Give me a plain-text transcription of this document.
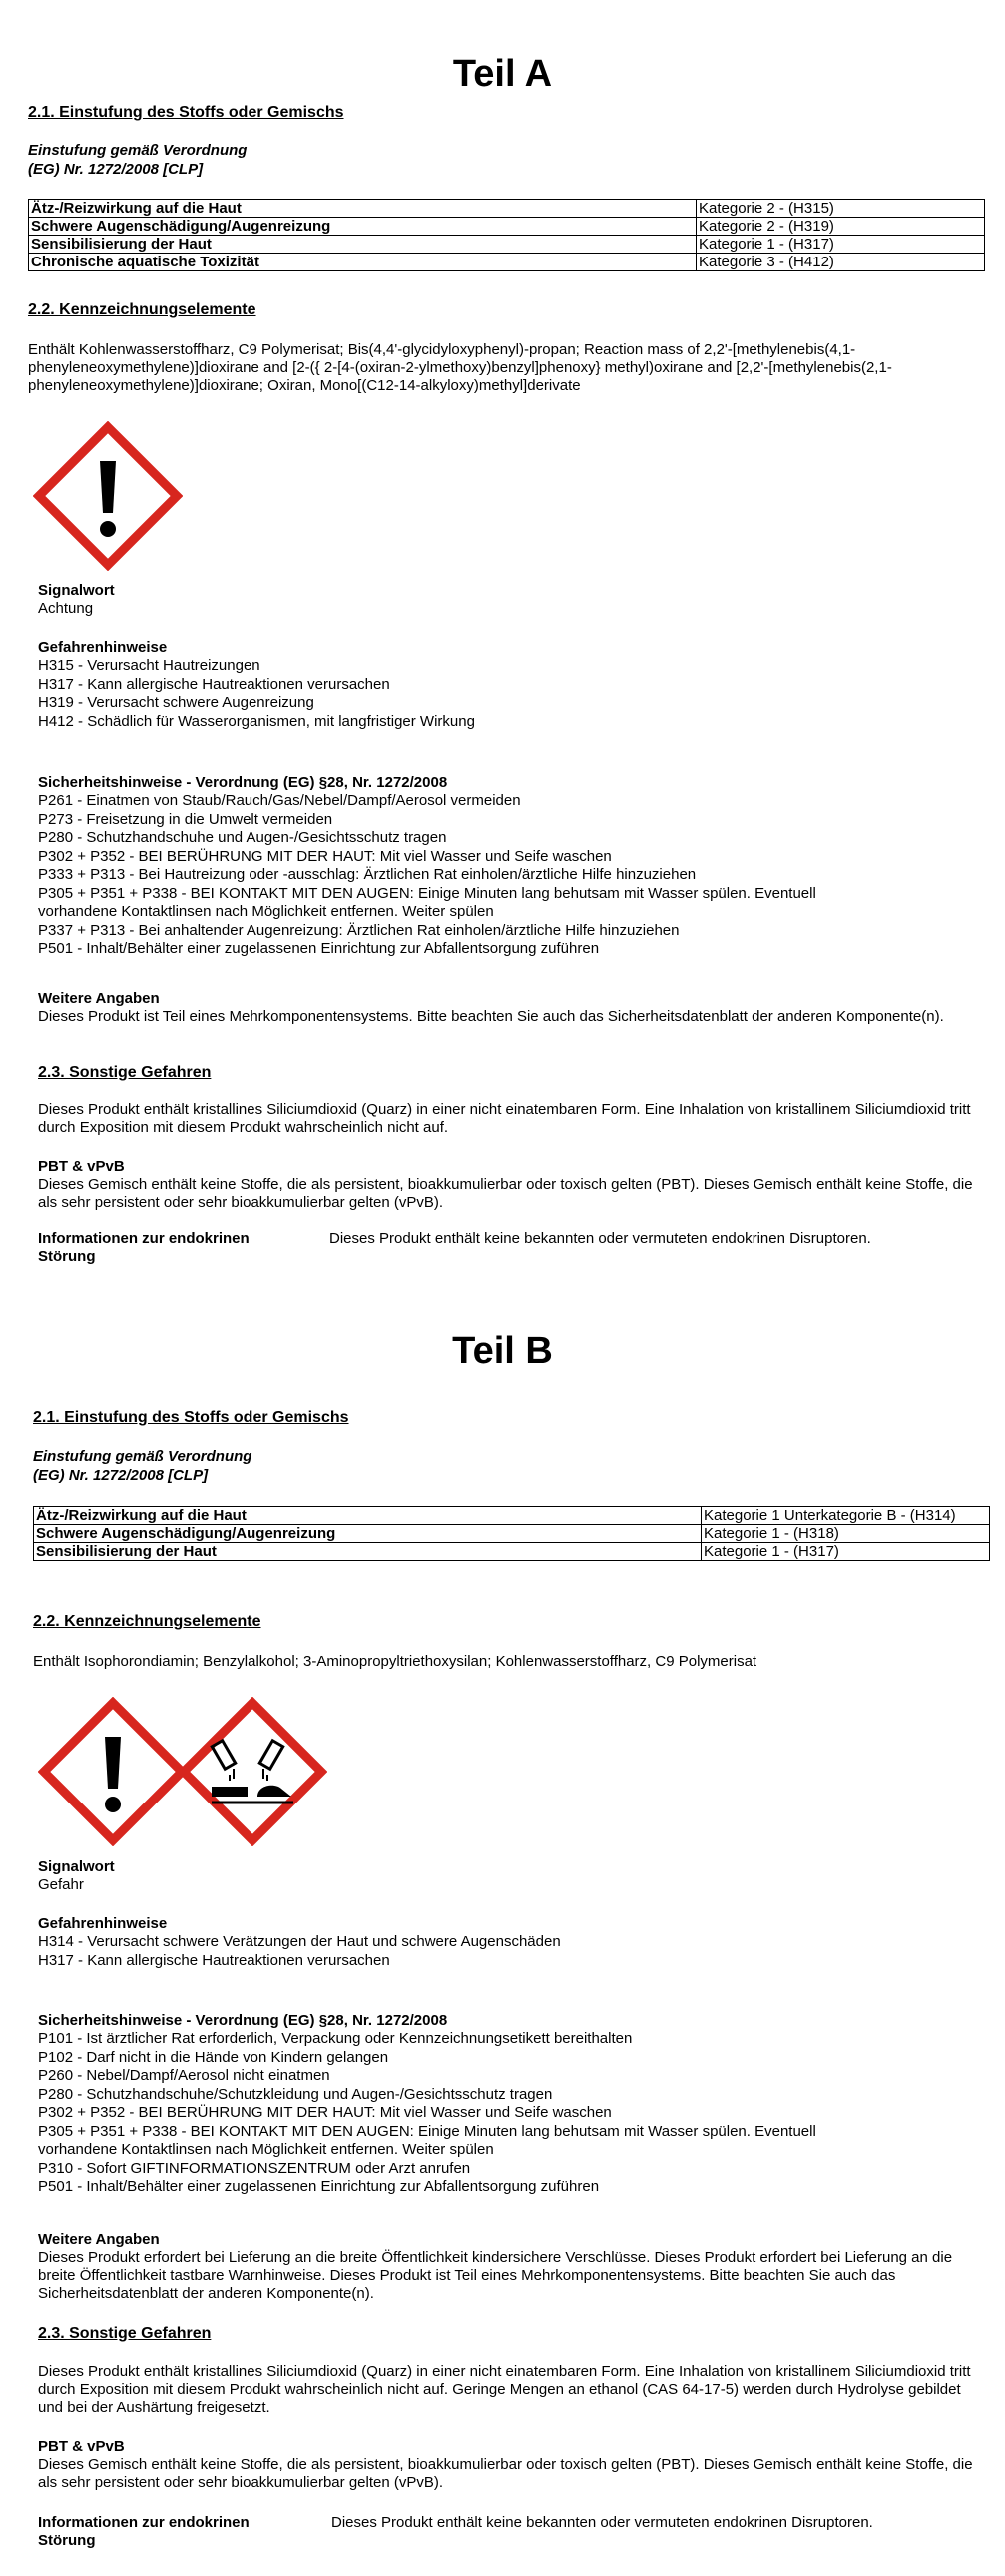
Teil A
2.1. Einstufung des Stoffs oder Gemischs
Einstufung gemäß Verordnung
(EG) Nr. 1272/2008 [CLP]
Ätz-/Reizwirkung auf die Haut	Kategorie 2 - (H315)
Schwere Augenschädigung/Augenreizung	Kategorie 2 - (H319)
Sensibilisierung der Haut	Kategorie 1 - (H317)
Chronische aquatische Toxizität	Kategorie 3 - (H412)
2.2. Kennzeichnungselemente
Enthält Kohlenwasserstoffharz, C9 Polymerisat; Bis(4,4'-glycidyloxyphenyl)-propan; Reaction mass of 2,2'-[methylenebis(4,1-phenyleneoxymethylene)]dioxirane and [2-({ 2-[4-(oxiran-2-ylmethoxy)benzyl]phenoxy} methyl)oxirane and [2,2'-[methylenebis(2,1-phenyleneoxymethylene)]dioxirane; Oxiran, Mono[(C12-14-alkyloxy)methyl]derivate
Signalwort
Achtung
Gefahrenhinweise
H315 - Verursacht Hautreizungen
H317 - Kann allergische Hautreaktionen verursachen
H319 - Verursacht schwere Augenreizung
H412 - Schädlich für Wasserorganismen, mit langfristiger Wirkung
Sicherheitshinweise - Verordnung (EG) §28, Nr. 1272/2008
P261 - Einatmen von Staub/Rauch/Gas/Nebel/Dampf/Aerosol vermeiden
P273 - Freisetzung in die Umwelt vermeiden
P280 - Schutzhandschuhe und Augen-/Gesichtsschutz tragen
P302 + P352 - BEI BERÜHRUNG MIT DER HAUT: Mit viel Wasser und Seife waschen
P333 + P313 - Bei Hautreizung oder -ausschlag: Ärztlichen Rat einholen/ärztliche Hilfe hinzuziehen
P305 + P351 + P338 - BEI KONTAKT MIT DEN AUGEN: Einige Minuten lang behutsam mit Wasser spülen. Eventuell
vorhandene Kontaktlinsen nach Möglichkeit entfernen. Weiter spülen
P337 + P313 - Bei anhaltender Augenreizung: Ärztlichen Rat einholen/ärztliche Hilfe hinzuziehen
P501 - Inhalt/Behälter einer zugelassenen Einrichtung zur Abfallentsorgung zuführen
Weitere Angaben
Dieses Produkt ist Teil eines Mehrkomponentensystems. Bitte beachten Sie auch das Sicherheitsdatenblatt der anderen Komponente(n).
2.3. Sonstige Gefahren
Dieses Produkt enthält kristallines Siliciumdioxid (Quarz) in einer nicht einatembaren Form. Eine Inhalation von kristallinem Siliciumdioxid tritt durch Exposition mit diesem Produkt wahrscheinlich nicht auf.
PBT & vPvB
Dieses Gemisch enthält keine Stoffe, die als persistent, bioakkumulierbar oder toxisch gelten (PBT). Dieses Gemisch enthält keine Stoffe, die als sehr persistent oder sehr bioakkumulierbar gelten (vPvB).
Informationen zur endokrinen Störung
Dieses Produkt enthält keine bekannten oder vermuteten endokrinen Disruptoren.
Teil B
2.1. Einstufung des Stoffs oder Gemischs
Einstufung gemäß Verordnung
(EG) Nr. 1272/2008 [CLP]
Ätz-/Reizwirkung auf die Haut	Kategorie 1 Unterkategorie B - (H314)
Schwere Augenschädigung/Augenreizung	Kategorie 1 - (H318)
Sensibilisierung der Haut	Kategorie 1 - (H317)
2.2. Kennzeichnungselemente
Enthält Isophorondiamin; Benzylalkohol; 3-Aminopropyltriethoxysilan; Kohlenwasserstoffharz, C9 Polymerisat
Signalwort
Gefahr
Gefahrenhinweise
H314 - Verursacht schwere Verätzungen der Haut und schwere Augenschäden
H317 - Kann allergische Hautreaktionen verursachen
Sicherheitshinweise - Verordnung (EG) §28, Nr. 1272/2008
P101 - Ist ärztlicher Rat erforderlich, Verpackung oder Kennzeichnungsetikett bereithalten
P102 - Darf nicht in die Hände von Kindern gelangen
P260 - Nebel/Dampf/Aerosol nicht einatmen
P280 - Schutzhandschuhe/Schutzkleidung und Augen-/Gesichtsschutz tragen
P302 + P352 - BEI BERÜHRUNG MIT DER HAUT: Mit viel Wasser und Seife waschen
P305 + P351 + P338 - BEI KONTAKT MIT DEN AUGEN: Einige Minuten lang behutsam mit Wasser spülen. Eventuell
vorhandene Kontaktlinsen nach Möglichkeit entfernen. Weiter spülen
P310 - Sofort GIFTINFORMATIONSZENTRUM oder Arzt anrufen
P501 - Inhalt/Behälter einer zugelassenen Einrichtung zur Abfallentsorgung zuführen
Weitere Angaben
Dieses Produkt erfordert bei Lieferung an die breite Öffentlichkeit kindersichere Verschlüsse. Dieses Produkt erfordert bei Lieferung an die breite Öffentlichkeit tastbare Warnhinweise. Dieses Produkt ist Teil eines Mehrkomponentensystems. Bitte beachten Sie auch das Sicherheitsdatenblatt der anderen Komponente(n).
2.3. Sonstige Gefahren
Dieses Produkt enthält kristallines Siliciumdioxid (Quarz) in einer nicht einatembaren Form. Eine Inhalation von kristallinem Siliciumdioxid tritt durch Exposition mit diesem Produkt wahrscheinlich nicht auf. Geringe Mengen an ethanol (CAS 64-17-5) werden durch Hydrolyse gebildet und bei der Aushärtung freigesetzt.
PBT & vPvB
Dieses Gemisch enthält keine Stoffe, die als persistent, bioakkumulierbar oder toxisch gelten (PBT). Dieses Gemisch enthält keine Stoffe, die als sehr persistent oder sehr bioakkumulierbar gelten (vPvB).
Informationen zur endokrinen Störung
Dieses Produkt enthält keine bekannten oder vermuteten endokrinen Disruptoren.
